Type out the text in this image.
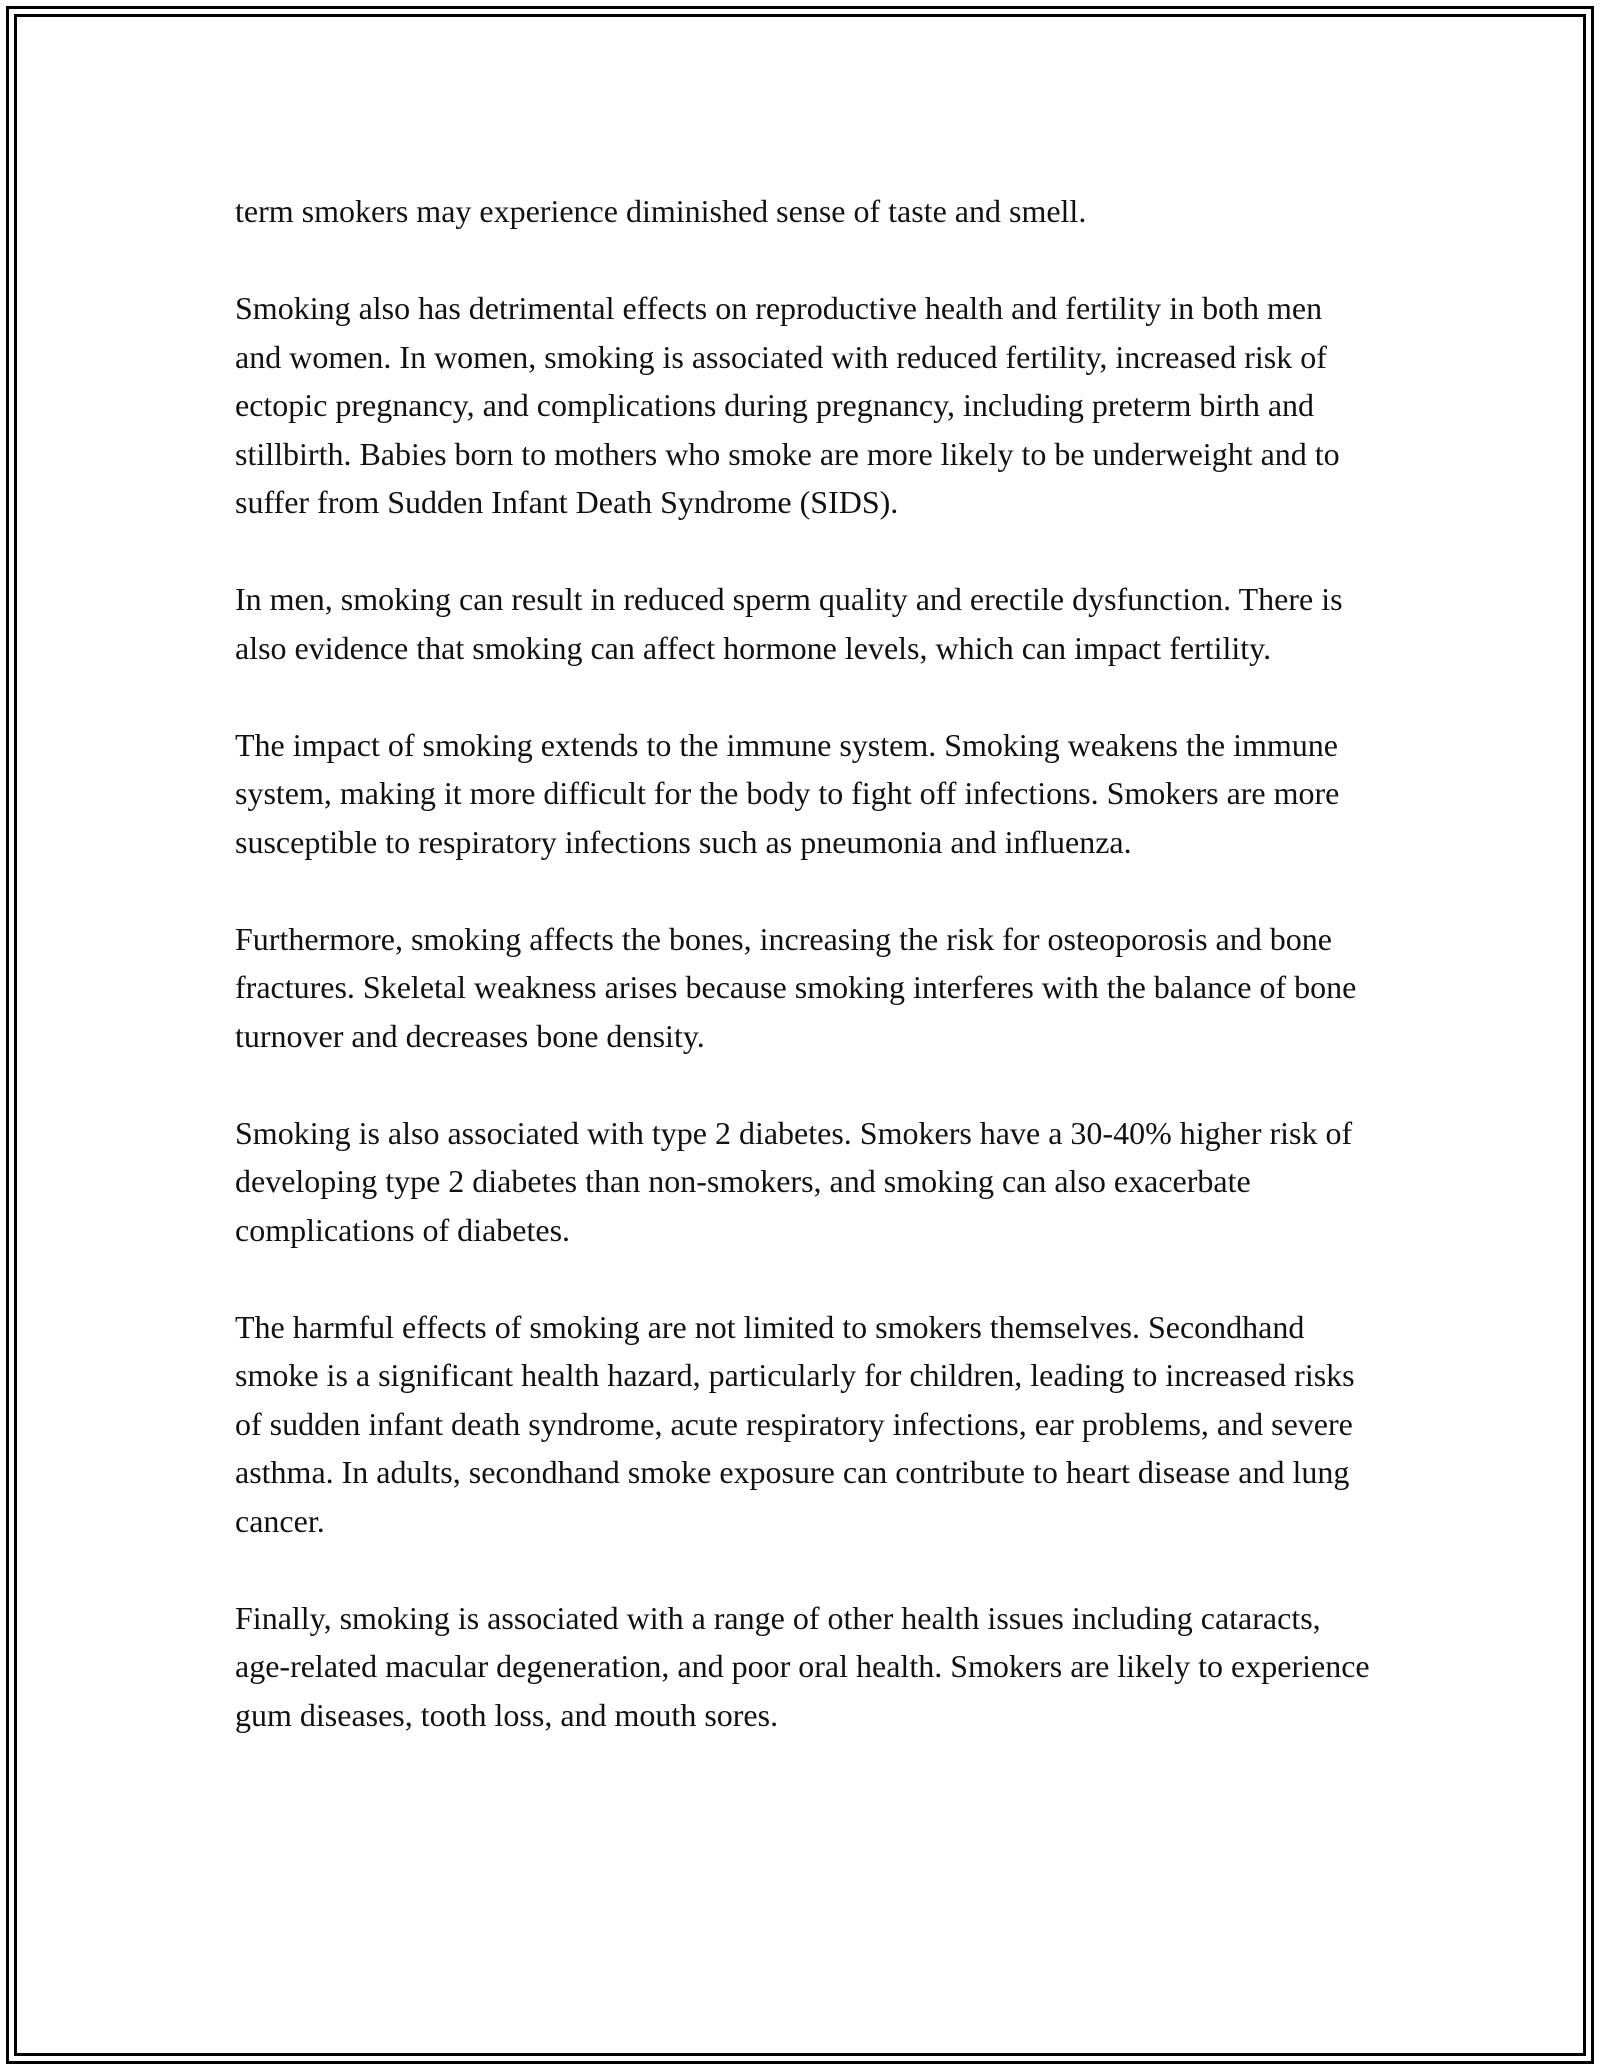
term smokers may experience diminished sense of taste and smell.

Smoking also has detrimental effects on reproductive health and fertility in both men and women. In women, smoking is associated with reduced fertility, increased risk of ectopic pregnancy, and complications during pregnancy, including preterm birth and stillbirth. Babies born to mothers who smoke are more likely to be underweight and to suffer from Sudden Infant Death Syndrome (SIDS).

In men, smoking can result in reduced sperm quality and erectile dysfunction. There is also evidence that smoking can affect hormone levels, which can impact fertility.

The impact of smoking extends to the immune system. Smoking weakens the immune system, making it more difficult for the body to fight off infections. Smokers are more susceptible to respiratory infections such as pneumonia and influenza.

Furthermore, smoking affects the bones, increasing the risk for osteoporosis and bone fractures. Skeletal weakness arises because smoking interferes with the balance of bone turnover and decreases bone density.

Smoking is also associated with type 2 diabetes. Smokers have a 30-40% higher risk of developing type 2 diabetes than non-smokers, and smoking can also exacerbate complications of diabetes.

The harmful effects of smoking are not limited to smokers themselves. Secondhand smoke is a significant health hazard, particularly for children, leading to increased risks of sudden infant death syndrome, acute respiratory infections, ear problems, and severe asthma. In adults, secondhand smoke exposure can contribute to heart disease and lung cancer.

Finally, smoking is associated with a range of other health issues including cataracts, age-related macular degeneration, and poor oral health. Smokers are likely to experience gum diseases, tooth loss, and mouth sores.
